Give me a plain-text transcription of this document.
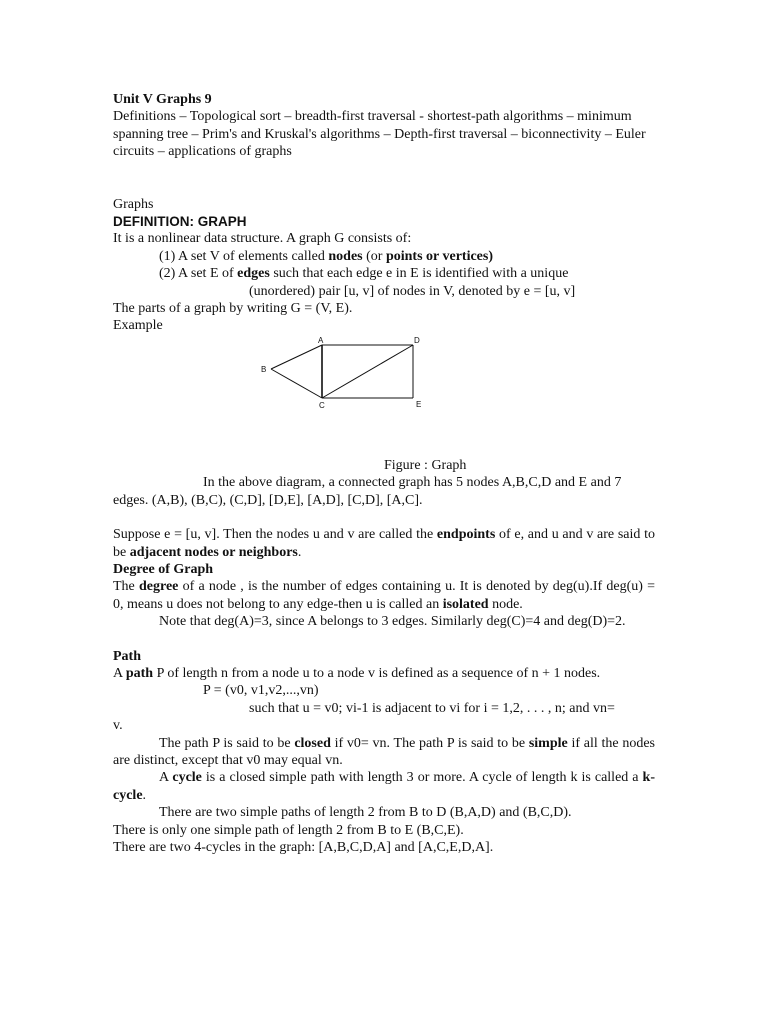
Unit V Graphs 9

Definitions – Topological sort – breadth-first traversal - shortest-path algorithms – minimum spanning tree – Prim's and Kruskal's algorithms – Depth-first traversal – biconnectivity – Euler circuits – applications of graphs

Graphs

DEFINITION: GRAPH

It is a nonlinear data structure. A graph G consists of:

(1) A set V of elements called nodes (or points or vertices)

(2) A set E of edges such that each edge e in E is identified with a unique

(unordered) pair [u, v] of nodes in V, denoted by e = [u, v]

The parts of a graph by writing G = (V, E).

Example

A
B
C
D
E

Figure : Graph

In the above diagram, a connected graph has 5 nodes A,B,C,D and E and 7

edges. (A,B), (B,C), (C,D], [D,E], [A,D], [C,D], [A,C].

Suppose e = [u, v]. Then the nodes u and v are called the endpoints of e, and u and v are said to be adjacent nodes or neighbors.

Degree of Graph

The degree of a node , is the number of edges containing u. It is denoted by deg(u).If deg(u) = 0, means u does not belong to any edge-then u is called an isolated node.

Note that deg(A)=3, since A belongs to 3 edges. Similarly deg(C)=4 and deg(D)=2.

Path

A path P of length n from a node u to a node v is defined as a sequence of n + 1 nodes.

P = (v0, v1,v2,...,vn)

such that u = v0; vi-1 is adjacent to vi for i = 1,2, . . . , n; and vn=

v.

The path P is said to be closed if v0= vn. The path P is said to be simple if all the nodes are distinct, except that v0 may equal vn.

A cycle is a closed simple path with length 3 or more. A cycle of length k is called a k-cycle.

There are two simple paths of length 2 from B to D (B,A,D) and (B,C,D).

There is only one simple path of length 2 from B to E (B,C,E).

There are two 4-cycles in the graph: [A,B,C,D,A] and [A,C,E,D,A].
